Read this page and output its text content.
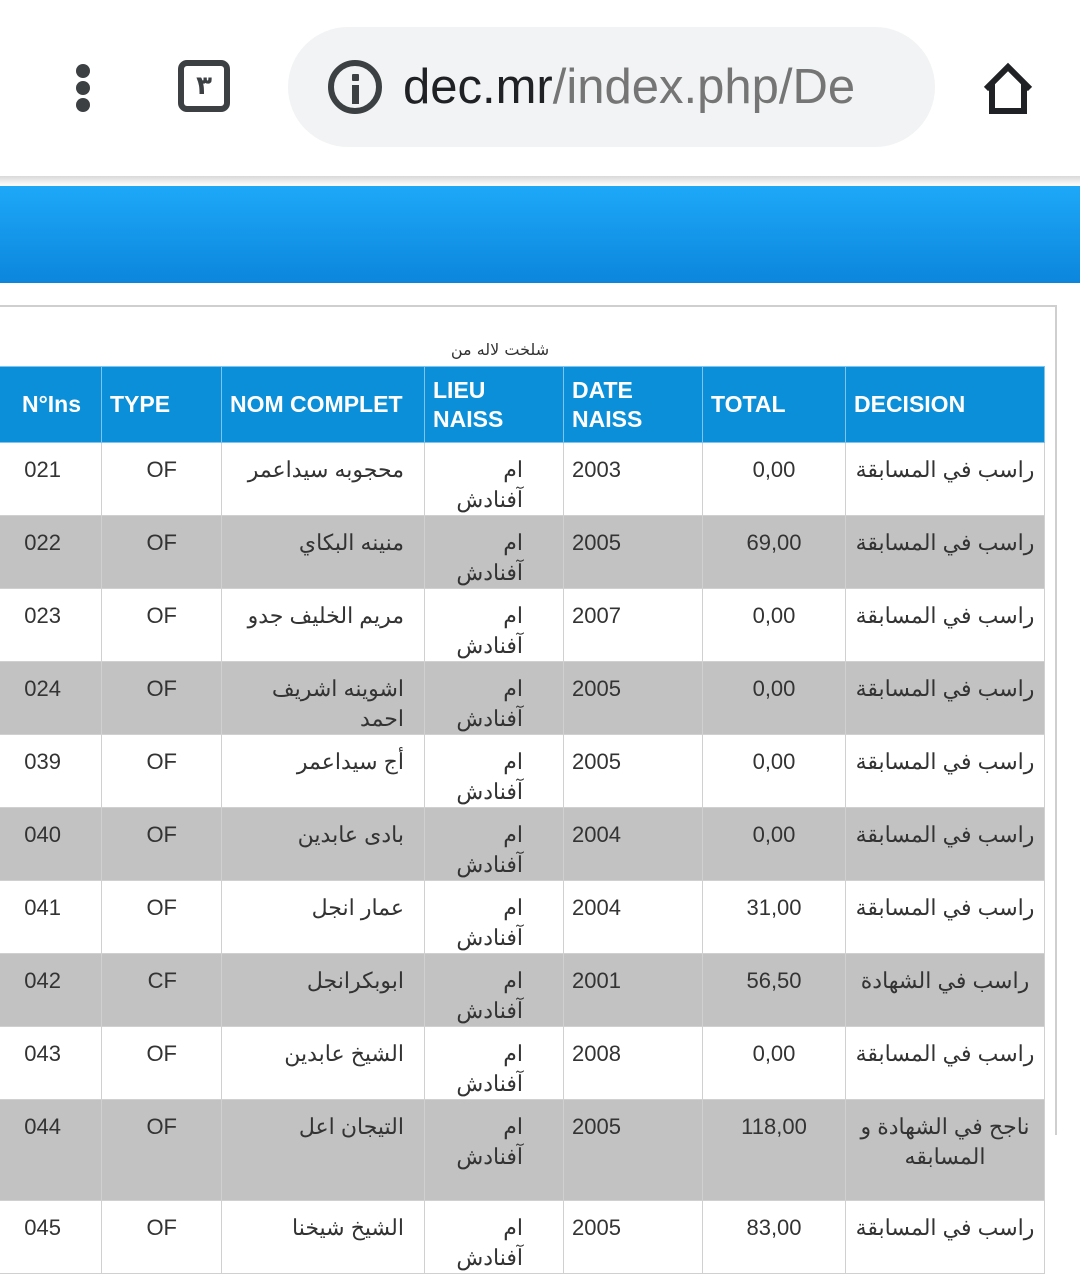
٣	dec.mr/index.php/De
شلخت لاله من
N°Ins	TYPE	NOM COMPLET	LIEU NAISS	DATE NAISS	TOTAL	DECISION
021	OF	محجوبه سيداعمر	ام آفنادش	2003	0,00	راسب في المسابقة
022	OF	منينه البكاي	ام آفنادش	2005	69,00	راسب في المسابقة
023	OF	مريم الخليف جدو	ام آفنادش	2007	0,00	راسب في المسابقة
024	OF	اشوينه اشريف احمد	ام آفنادش	2005	0,00	راسب في المسابقة
039	OF	أج سيداعمر	ام آفنادش	2005	0,00	راسب في المسابقة
040	OF	بادى عابدين	ام آفنادش	2004	0,00	راسب في المسابقة
041	OF	عمار انجل	ام آفنادش	2004	31,00	راسب في المسابقة
042	CF	ابوبكرانجل	ام آفنادش	2001	56,50	راسب في الشهادة
043	OF	الشيخ عابدين	ام آفنادش	2008	0,00	راسب في المسابقة
044	OF	التيجان اعل	ام آفنادش	2005	118,00	ناجح في الشهادة و المسابقه
045	OF	الشيخ شيخنا	ام آفنادش	2005	83,00	راسب في المسابقة
